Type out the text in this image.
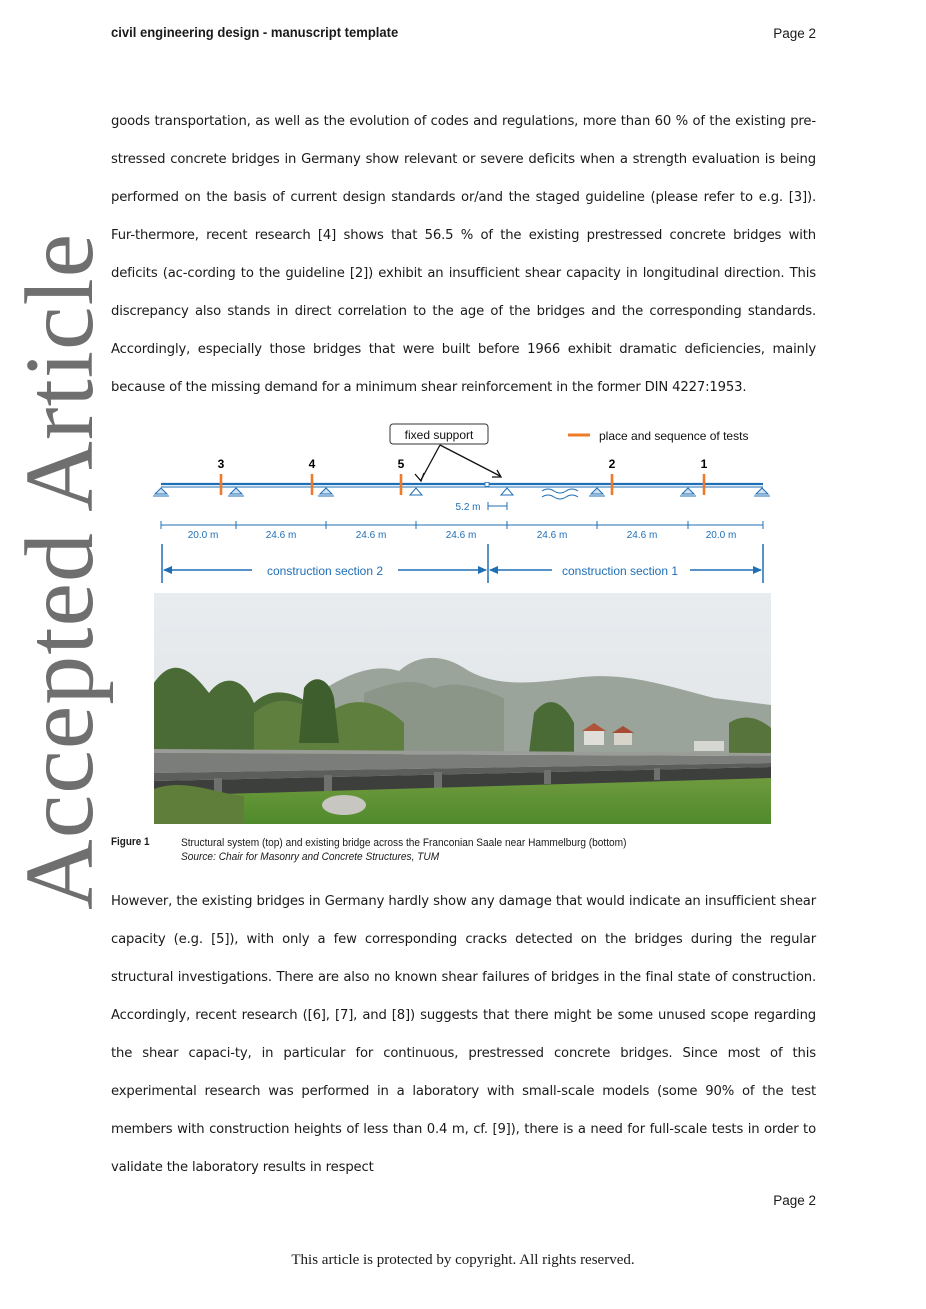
Accepted Article
civil engineering design - manuscript template	Page 2

goods transportation, as well as the evolution of codes and regulations, more than 60 % of the existing pre-stressed concrete bridges in Germany show relevant or severe deficits when a strength evaluation is being performed on the basis of current design standards or/and the staged guideline (please refer to e.g. [3]). Fur-thermore, recent research [4] shows that 56.5 % of the existing prestressed concrete bridges with deficits (ac-cording to the guideline [2]) exhibit an insufficient shear capacity in longitudinal direction. This discrepancy also stands in direct correlation to the age of the bridges and the corresponding standards. Accordingly, especially those bridges that were built before 1966 exhibit dramatic deficiencies, mainly because of the missing demand for a minimum shear reinforcement in the former DIN 4227:1953.

fixed support	place and sequence of tests
3	4	5	2	1
5.2 m
20.0 m	24.6 m	24.6 m	24.6 m	24.6 m	24.6 m	20.0 m
construction section 2	construction section 1
Figure 1	Structural system (top) and existing bridge across the Franconian Saale near Hammelburg (bottom)
Source: Chair for Masonry and Concrete Structures, TUM

However, the existing bridges in Germany hardly show any damage that would indicate an insufficient shear capacity (e.g. [5]), with only a few corresponding cracks detected on the bridges during the regular structural investigations. There are also no known shear failures of bridges in the final state of construction. Accordingly, recent research ([6], [7], and [8]) suggests that there might be some unused scope regarding the shear capaci-ty, in particular for continuous, prestressed concrete bridges. Since most of this experimental research was performed in a laboratory with small-scale models (some 90% of the test members with construction heights of less than 0.4 m, cf. [9]), there is a need for full-scale tests in order to validate the laboratory results in respect

Page 2
This article is protected by copyright. All rights reserved.
